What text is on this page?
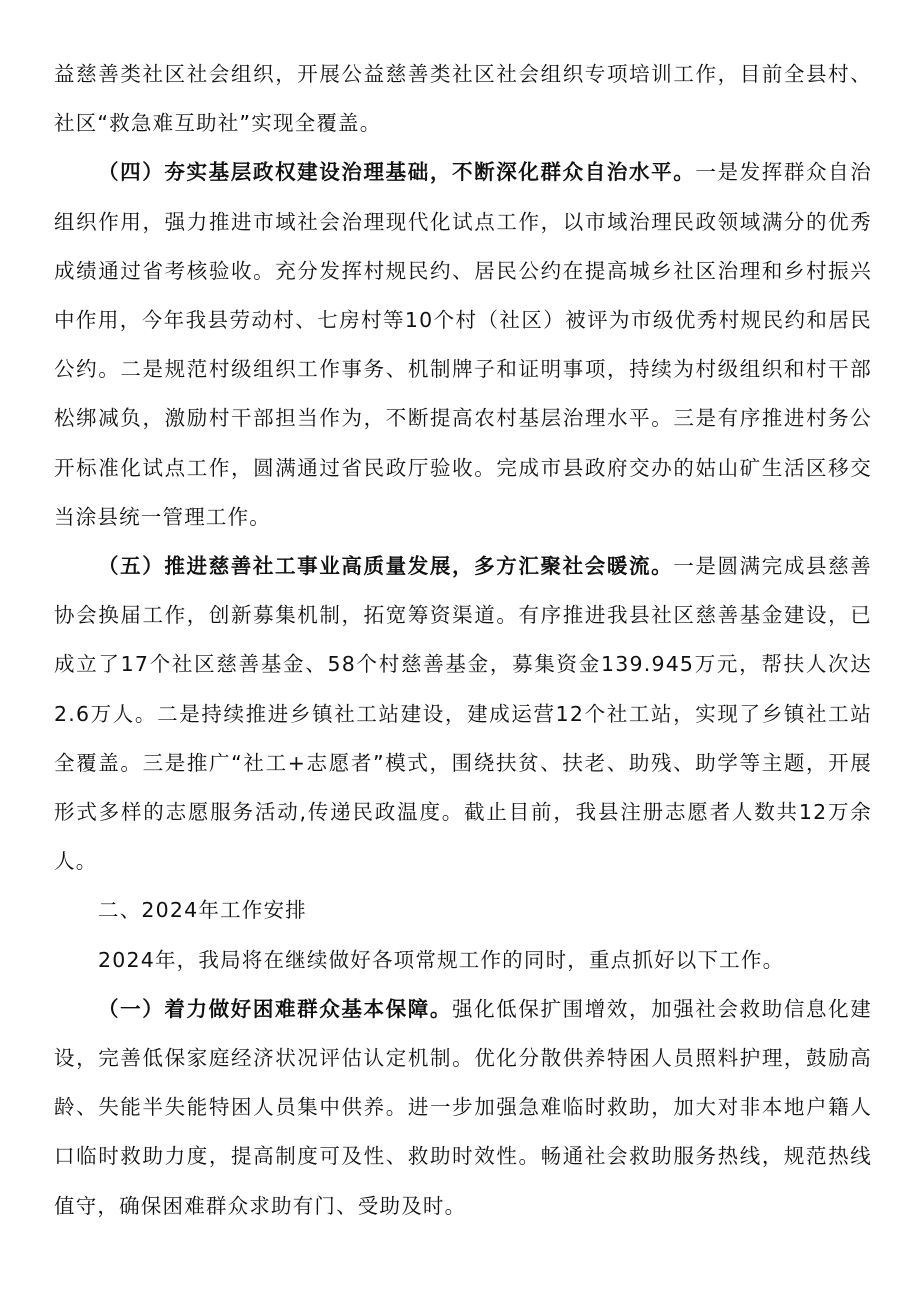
益慈善类社区社会组织，开展公益慈善类社区社会组织专项培训工作，目前全县村、社区“救急难互助社”实现全覆盖。

（四）夯实基层政权建设治理基础，不断深化群众自治水平。一是发挥群众自治组织作用，强力推进市域社会治理现代化试点工作，以市域治理民政领域满分的优秀成绩通过省考核验收。充分发挥村规民约、居民公约在提高城乡社区治理和乡村振兴中作用，今年我县劳动村、七房村等10个村（社区）被评为市级优秀村规民约和居民公约。二是规范村级组织工作事务、机制牌子和证明事项，持续为村级组织和村干部松绑减负，激励村干部担当作为，不断提高农村基层治理水平。三是有序推进村务公开标准化试点工作，圆满通过省民政厅验收。完成市县政府交办的姑山矿生活区移交当涂县统一管理工作。

（五）推进慈善社工事业高质量发展，多方汇聚社会暖流。一是圆满完成县慈善协会换届工作，创新募集机制，拓宽筹资渠道。有序推进我县社区慈善基金建设，已成立了17个社区慈善基金、58个村慈善基金，募集资金139.945万元，帮扶人次达2.6万人。二是持续推进乡镇社工站建设，建成运营12个社工站，实现了乡镇社工站全覆盖。三是推广“社工+志愿者”模式，围绕扶贫、扶老、助残、助学等主题，开展形式多样的志愿服务活动,传递民政温度。截止目前，我县注册志愿者人数共12万余人。

二、2024年工作安排

2024年，我局将在继续做好各项常规工作的同时，重点抓好以下工作。

（一）着力做好困难群众基本保障。强化低保扩围增效，加强社会救助信息化建设，完善低保家庭经济状况评估认定机制。优化分散供养特困人员照料护理，鼓励高龄、失能半失能特困人员集中供养。进一步加强急难临时救助，加大对非本地户籍人口临时救助力度，提高制度可及性、救助时效性。畅通社会救助服务热线，规范热线值守，确保困难群众求助有门、受助及时。
